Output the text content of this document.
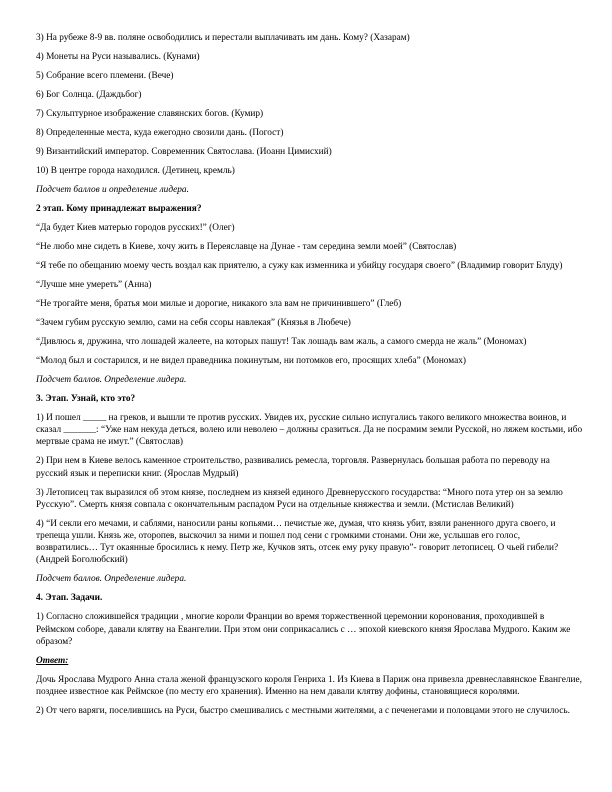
3) На рубеже 8-9 вв. поляне освободились и перестали выплачивать им дань. Кому? (Хазарам)
4) Монеты на Руси назывались. (Кунами)
5) Собрание всего племени. (Вече)
6) Бог Солнца. (Даждьбог)
7) Скульптурное изображение славянских богов. (Кумир)
8) Определенные места, куда ежегодно свозили дань. (Погост)
9) Византийский император. Современник Святослава. (Иоанн Цимисхий)
10) В центре города находился. (Детинец, кремль)
Подсчет баллов и определение лидера.
2 этап. Кому принадлежат выражения?
“Да будет Киев матерью городов русских!” (Олег)
“Не любо мне сидеть в Киеве, хочу жить в Переяславце на Дунае - там середина земли моей” (Святослав)
“Я тебе по обещанию моему честь воздал как приятелю, а сужу как изменника и убийцу государя своего” (Владимир говорит Блуду)
“Лучше мне умереть” (Анна)
“Не трогайте меня, братья мои милые и дорогие, никакого зла вам не причинившего” (Глеб)
“Зачем губим русскую землю, сами на себя ссоры навлекая” (Князья в Любече)
“Дивлюсь я, дружина, что лошадей жалеете, на которых пашут! Так лошадь вам жаль, а самого смерда не жаль” (Мономах)
“Молод был и состарился, и не видел праведника покинутым, ни потомков его, просящих хлеба” (Мономах)
Подсчет баллов. Определение лидера.
3. Этап. Узнай, кто это?
1) И пошел _____ на греков, и вышли те против русских. Увидев их, русские сильно испугались такого великого множества воинов, и сказал _______: “Уже нам некуда деться, волею или неволею – должны сразиться. Да не посрамим земли Русской, но ляжем костьми, ибо мертвые срама не имут.” (Святослав)
2) При нем в Киеве велось каменное строительство, развивались ремесла, торговля. Развернулась большая работа по переводу на русский язык и переписки книг. (Ярослав Мудрый)
3) Летописец так выразился об этом князе, последнем из князей единого Древнерусского государства: “Много пота утер он за землю Русскую”. Смерть князя совпала с окончательным распадом Руси на отдельные княжества и земли. (Мстислав Великий)
4) “И секли его мечами, и саблями, наносили раны копьями… печистые же, думая, что князь убит, взяли раненного друга своего, и трепеща ушли. Князь же, оторопев, выскочил за ними и пошел под сени с громкими стонами. Они же, услышав его голос, возвратились… Тут окаянные бросились к нему. Петр же, Кучков зять, отсек ему руку правую”- говорит летописец. О чьей гибели? (Андрей Боголюбский)
Подсчет баллов. Определение лидера.
4. Этап. Задачи.
1) Согласно сложившейся традиции , многие короли Франции во время торжественной церемонии коронования, проходившей в Реймском соборе, давали клятву на Евангелии. При этом они соприкасались с … эпохой киевского князя Ярослава Мудрого. Каким же образом?
Ответ:
Дочь Ярослава Мудрого Анна стала женой французского короля Генриха 1. Из Киева в Париж она привезла древнеславянское Евангелие, позднее известное как Реймское (по месту его хранения). Именно на нем давали клятву дофины, становящиеся королями.
2) От чего варяги, поселившись на Руси, быстро смешивались с местными жителями, а с печенегами и половцами этого не случилось.
